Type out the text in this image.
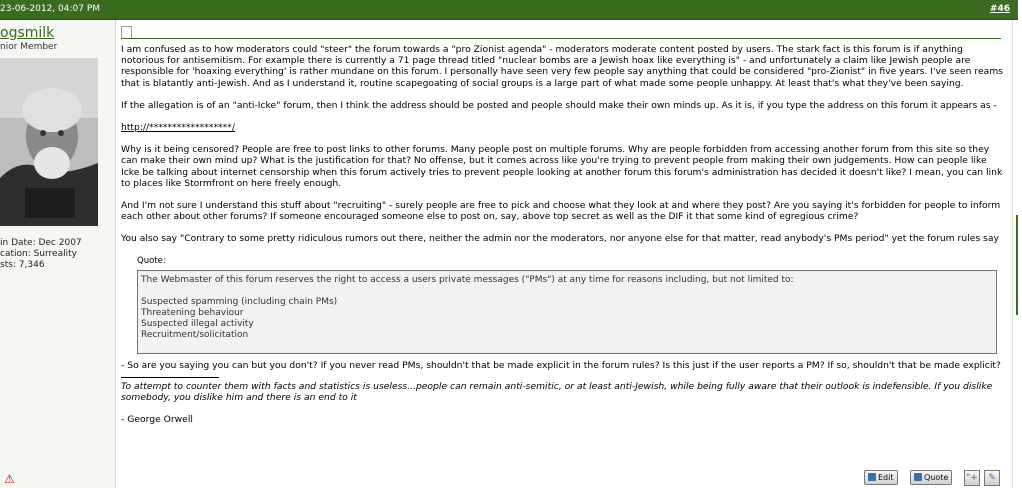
23-06-2012, 04:07 PM	#46
ogsmilk
nior Member
in Date: Dec 2007
cation: Surreality
sts: 7,346
⚠

I am confused as to how moderators could "steer" the forum towards a "pro Zionist agenda" - moderators moderate content posted by users. The stark fact is this forum is if anything notorious for antisemitism. For example there is currently a 71 page thread titled "nuclear bombs are a Jewish hoax like everything is" - and unfortunately a claim like Jewish people are responsible for 'hoaxing everything' is rather mundane on this forum. I personally have seen very few people say anything that could be considered "pro-Zionist" in five years. I've seen reams that is blatantly anti-Jewish. And as I understand it, routine scapegoating of social groups is a large part of what made some people unhappy. At least that's what they've been saying.

If the allegation is of an "anti-Icke" forum, then I think the address should be posted and people should make their own minds up. As it is, if you type the address on this forum it appears as -

http://******************/

Why is it being censored? People are free to post links to other forums. Many people post on multiple forums. Why are people forbidden from accessing another forum from this site so they can make their own mind up? What is the justification for that? No offense, but it comes across like you're trying to prevent people from making their own judgements. How can people like Icke be talking about internet censorship when this forum actively tries to prevent people looking at another forum this forum's administration has decided it doesn't like? I mean, you can link to places like Stormfront on here freely enough.

And I'm not sure I understand this stuff about "recruiting" - surely people are free to pick and choose what they look at and where they post? Are you saying it's forbidden for people to inform each other about other forums? If someone encouraged someone else to post on, say, above top secret as well as the DIF it that some kind of egregious crime?

You also say "Contrary to some pretty ridiculous rumors out there, neither the admin nor the moderators, nor anyone else for that matter, read anybody's PMs period" yet the forum rules say

Quote:

The Webmaster of this forum reserves the right to access a users private messages ("PMs") at any time for reasons including, but not limited to:

Suspected spamming (including chain PMs)
Threatening behaviour
Suspected illegal activity
Recruitment/solicitation

- So are you saying you can but you don't? If you never read PMs, shouldn't that be made explicit in the forum rules? Is this just if the user reports a PM? If so, shouldn't that be made explicit?

To attempt to counter them with facts and statistics is useless...people can remain anti-semitic, or at least anti-Jewish, while being fully aware that their outlook is indefensible. If you dislike somebody, you dislike him and there is an end to it
- George Orwell
Edit	Quote	"+	✎
